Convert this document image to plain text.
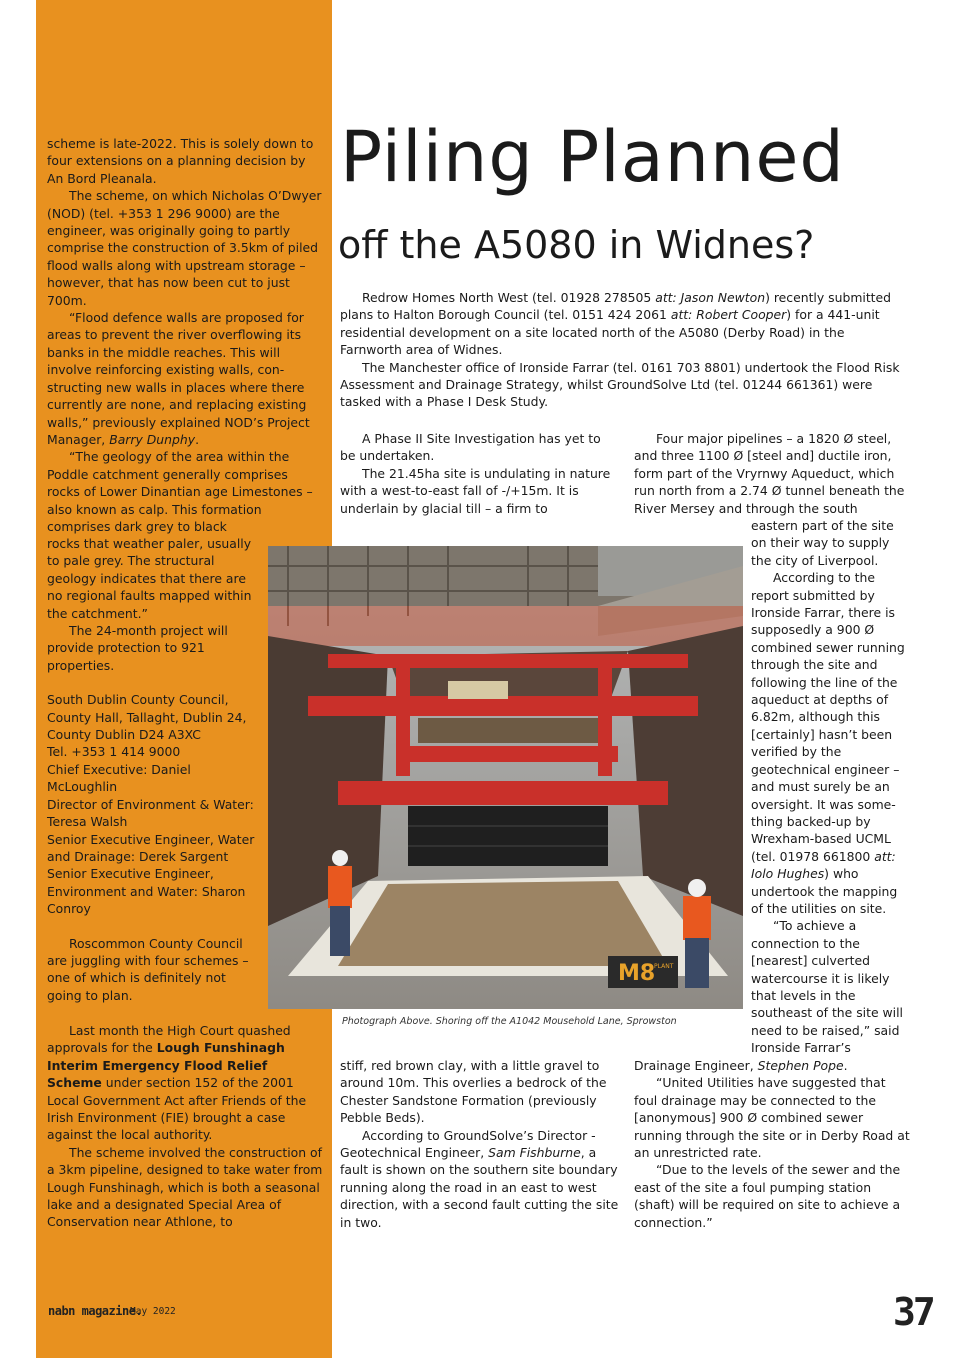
scheme is late-2022. This is solely down to four extensions on a planning decision by An Bord Pleanala.

The scheme, on which Nicholas O’Dwyer (NOD) (tel. +353 1 296 9000) are the engineer, was originally going to partly comprise the construction of 3.5km of piled flood walls along with upstream storage – however, that has now been cut to just 700m.

“Flood defence walls are proposed for areas to prevent the river overflowing its banks in the middle reaches. This will involve reinforcing existing walls, con-structing new walls in places where there currently are none, and replacing existing walls,” previously explained NOD’s Project Manager, Barry Dunphy.

“The geology of the area within the Poddle catchment generally comprises rocks of Lower Dinantian age Limestones – also known as calp. This formation comprises dark grey to black

rocks that weather paler, usually to pale grey. The structural geology indicates that there are no regional faults mapped within the catchment.”

The 24-month project will provide protection to 921 properties.

South Dublin County Council,
County Hall, Tallaght, Dublin 24,
County Dublin D24 A3XC
Tel. +353 1 414 9000
Chief Executive: Daniel McLoughlin
Director of Environment & Water: Teresa Walsh
Senior Executive Engineer, Water and Drainage: Derek Sargent
Senior Executive Engineer, Environment and Water: Sharon Conroy

Roscommon County Council are juggling with four schemes – one of which is definitely not going to plan.

Last month the High Court quashed approvals for the Lough Funshinagh Interim Emergency Flood Relief Scheme under section 152 of the 2001 Local Government Act after Friends of the Irish Environment (FIE) brought a case against the local authority.

The scheme involved the construction of a 3km pipeline, designed to take water from Lough Funshinagh, which is both a seasonal lake and a designated Special Area of Conservation near Athlone, to

Piling Planned
off the A5080 in Widnes?

Redrow Homes North West (tel. 01928 278505 att: Jason Newton) recently submitted plans to Halton Borough Council (tel. 0151 424 2061 att: Robert Cooper) for a 441-unit residential development on a site located north of the A5080 (Derby Road) in the Farnworth area of Widnes.

The Manchester office of Ironside Farrar (tel. 0161 703 8801) undertook the Flood Risk Assessment and Drainage Strategy, whilst GroundSolve Ltd (tel. 01244 661361) were tasked with a Phase I Desk Study.

A Phase II Site Investigation has yet to be undertaken.

The 21.45ha site is undulating in nature with a west-to-east fall of -/+15m. It is underlain by glacial till – a firm to

stiff, red brown clay, with a little gravel to around 10m. This overlies a bedrock of the Chester Sandstone Formation (previously Pebble Beds).

According to GroundSolve’s Director - Geotechnical Engineer, Sam Fishburne, a fault is shown on the southern site boundary running along the road in an east to west direction, with a second fault cutting the site in two.

Four major pipelines – a 1820 Ø steel, and three 1100 Ø [steel and] ductile iron, form part of the Vryrnwy Aqueduct, which run north from a 2.74 Ø tunnel beneath the River Mersey and through the south

eastern part of the site on their way to supply the city of Liverpool.

According to the report submitted by Ironside Farrar, there is supposedly a 900 Ø combined sewer running through the site and following the line of the aqueduct at depths of 6.82m, although this [certainly] hasn’t been verified by the geotechnical engineer – and must surely be an oversight. It was some-thing backed-up by Wrexham-based UCML (tel. 01978 661800 att: Iolo Hughes) who undertook the mapping of the utilities on site.

“To achieve a connection to the [nearest] culverted watercourse it is likely that levels in the southeast of the site will need to be raised,” said Ironside Farrar’s

Drainage Engineer, Stephen Pope.

“United Utilities have suggested that foul drainage may be connected to the [anonymous] 900 Ø combined sewer running through the site or in Derby Road at an unrestricted rate.

“Due to the levels of the sewer and the east of the site a foul pumping station (shaft) will be required on site to achieve a connection.”

M8
PLANT
Photograph Above. Shoring off the A1042 Mousehold Lane, Sprowston
nabn magazine.
May 2022	37
